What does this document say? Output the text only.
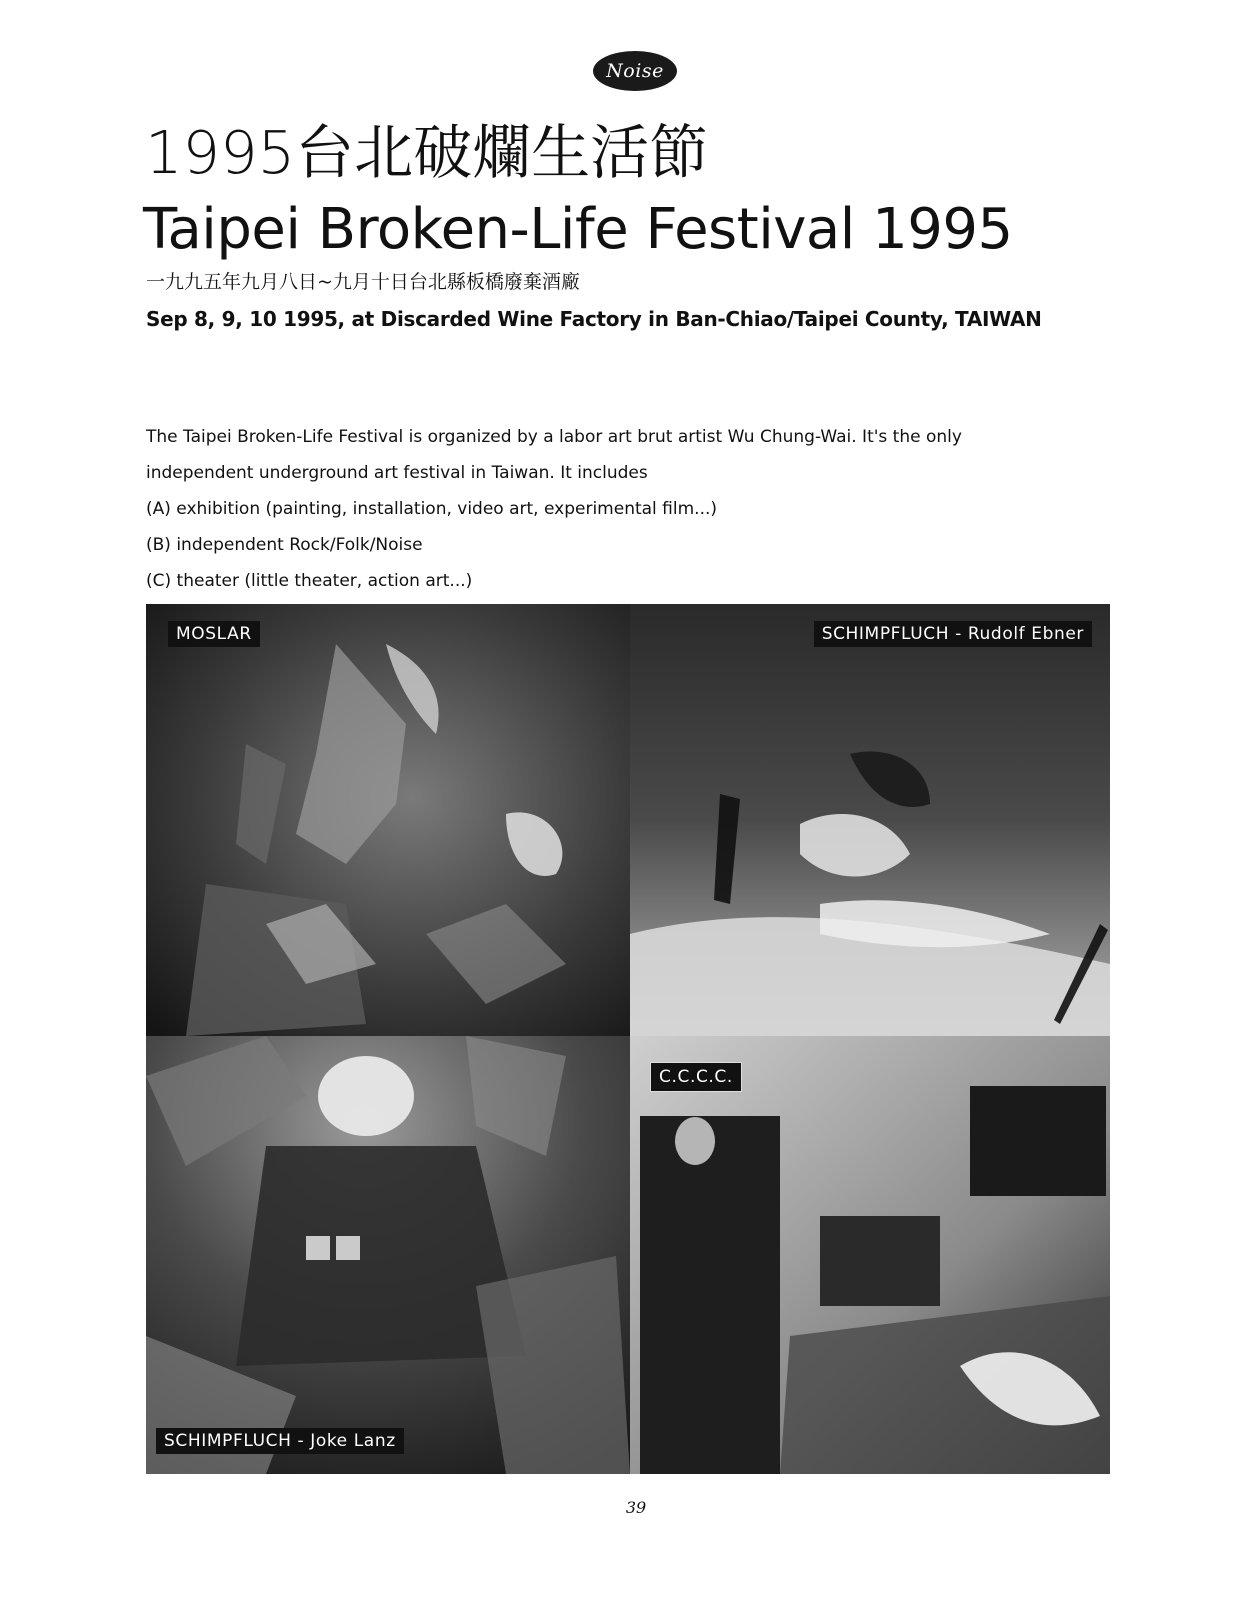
Noise
1995台北破爛生活節
Taipei Broken-Life Festival 1995
一九九五年九月八日~九月十日台北縣板橋廢棄酒廠
Sep 8, 9, 10 1995, at Discarded Wine Factory in Ban-Chiao/Taipei County, TAIWAN

The Taipei Broken-Life Festival is organized by a labor art brut artist Wu Chung-Wai. It's the only

independent underground art festival in Taiwan. It includes

(A) exhibition (painting, installation, video art, experimental film...)

(B) independent Rock/Folk/Noise

(C) theater (little theater, action art...)

MOSLAR	SCHIMPFLUCH - Rudolf Ebner
SCHIMPFLUCH - Joke Lanz
C.C.C.C.
39
